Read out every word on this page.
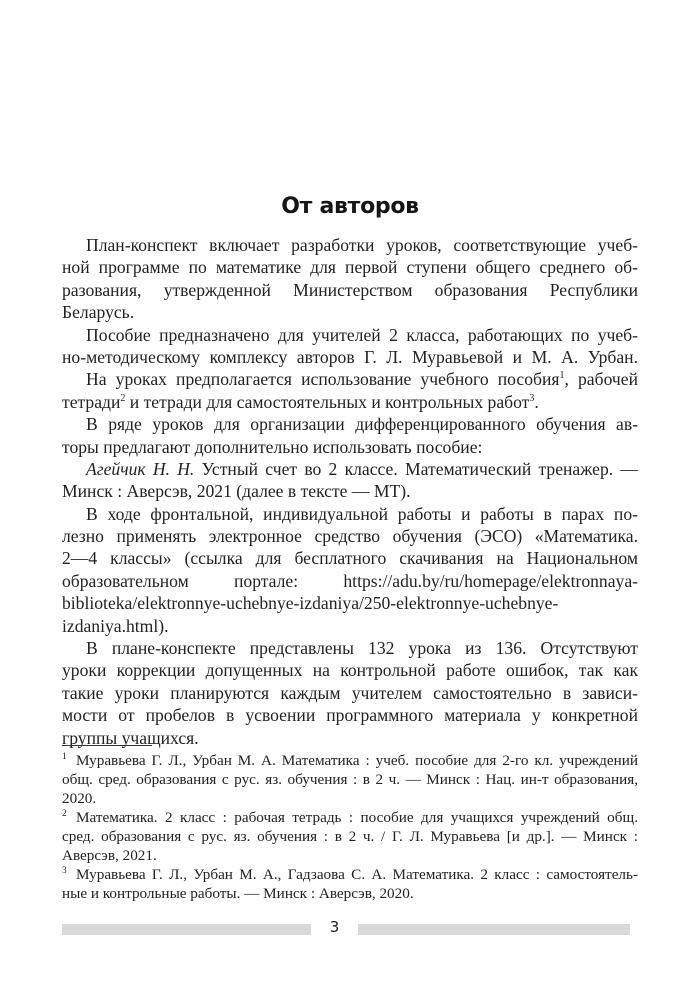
От авторов
План-конспект включает разработки уроков, соответствующие учеб-
ной программе по математике для первой ступени общего среднего об-
разования, утвержденной Министерством образования Республики
Беларусь.
Пособие предназначено для учителей 2 класса, работающих по учеб-
но-методическому комплексу авторов Г. Л. Муравьевой и М. А. Урбан.
На уроках предполагается использование учебного пособия$^1$, рабочей
тетради$^2$ и тетради для самостоятельных и контрольных работ$^3$.
В ряде уроков для организации дифференцированного обучения ав-
торы предлагают дополнительно использовать пособие:
Агейчик Н. Н. Устный счет во 2 классе. Математический тренажер. —
Минск : Аверсэв, 2021 (далее в тексте — МТ).
В ходе фронтальной, индивидуальной работы и работы в парах по-
лезно применять электронное средство обучения (ЭСО) «Математика.
2—4 классы» (ссылка для бесплатного скачивания на Национальном
образовательном портале: https://adu.by/ru/homepage/elektronnaya-
biblioteka/elektronnye-uchebnye-izdaniya/250-elektronnye-uchebnye-
izdaniya.html).
В плане-конспекте представлены 132 урока из 136. Отсутствуют
уроки коррекции допущенных на контрольной работе ошибок, так как
такие уроки планируются каждым учителем самостоятельно в зависи-
мости от пробелов в усвоении программного материала у конкретной
группы учащихся.
1 Муравьева Г. Л., Урбан М. А. Математика : учеб. пособие для 2-го кл. учреждений
общ. сред. образования с рус. яз. обучения : в 2 ч. — Минск : Нац. ин-т образования,
2020.
2 Математика. 2 класс : рабочая тетрадь : пособие для учащихся учреждений общ.
сред. образования с рус. яз. обучения : в 2 ч. / Г. Л. Муравьева [и др.]. — Минск :
Аверсэв, 2021.
3 Муравьева Г. Л., Урбан М. А., Гадзаова С. А. Математика. 2 класс : самостоятель-
ные и контрольные работы. — Минск : Аверсэв, 2020.
3
